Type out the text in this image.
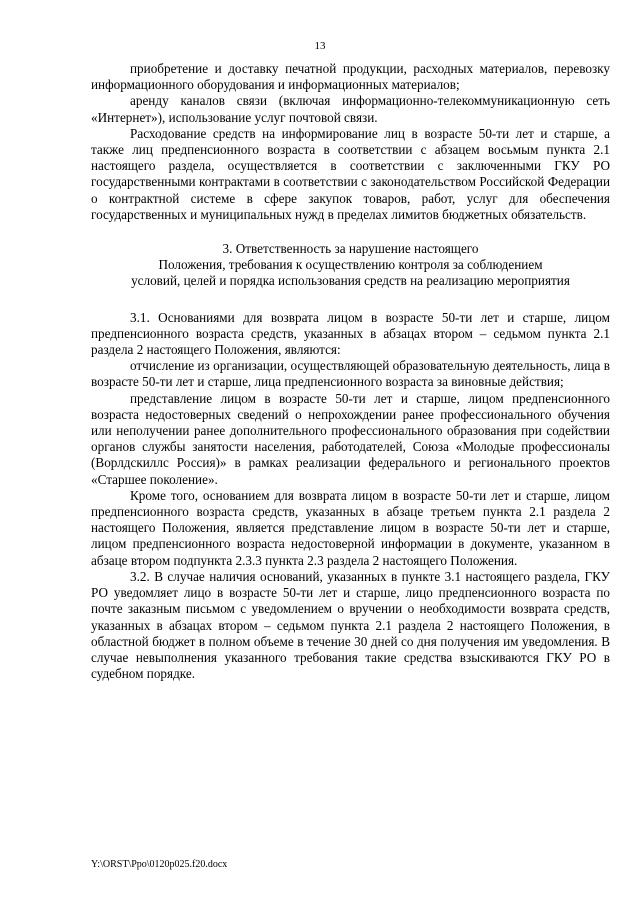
13

приобретение и доставку печатной продукции, расходных материалов, перевозку информационного оборудования и информационных материалов;

аренду каналов связи (включая информационно-телекоммуникационную сеть «Интернет»), использование услуг почтовой связи.

Расходование средств на информирование лиц в возрасте 50-ти лет и старше, а также лиц предпенсионного возраста в соответствии с абзацем восьмым пункта 2.1 настоящего раздела, осуществляется в соответствии с заключенными ГКУ РО государственными контрактами в соответствии с законодательством Российской Федерации о контрактной системе в сфере закупок товаров, работ, услуг для обеспечения государственных и муниципальных нужд в пределах лимитов бюджетных обязательств.

3. Ответственность за нарушение настоящего
Положения, требования к осуществлению контроля за соблюдением
условий, целей и порядка использования средств на реализацию мероприятия

3.1. Основаниями для возврата лицом в возрасте 50-ти лет и старше, лицом предпенсионного возраста средств, указанных в абзацах втором – седьмом пункта 2.1 раздела 2 настоящего Положения, являются:

отчисление из организации, осуществляющей образовательную деятельность, лица в возрасте 50-ти лет и старше, лица предпенсионного возраста за виновные действия;

представление лицом в возрасте 50-ти лет и старше, лицом предпенсионного возраста недостоверных сведений о непрохождении ранее профессионального обучения или неполучении ранее дополнительного профессионального образования при содействии органов службы занятости населения, работодателей, Союза «Молодые профессионалы (Ворлдскиллс Россия)» в рамках реализации федерального и регионального проектов «Старшее поколение».

Кроме того, основанием для возврата лицом в возрасте 50-ти лет и старше, лицом предпенсионного возраста средств, указанных в абзаце третьем пункта 2.1 раздела 2 настоящего Положения, является представление лицом в возрасте 50-ти лет и старше, лицом предпенсионного возраста недостоверной информации в документе, указанном в абзаце втором подпункта 2.3.3 пункта 2.3 раздела 2 настоящего Положения.

3.2. В случае наличия оснований, указанных в пункте 3.1 настоящего раздела, ГКУ РО уведомляет лицо в возрасте 50-ти лет и старше, лицо предпенсионного возраста по почте заказным письмом с уведомлением о вручении о необходимости возврата средств, указанных в абзацах втором – седьмом пункта 2.1 раздела 2 настоящего Положения, в областной бюджет в полном объеме в течение 30 дней со дня получения им уведомления. В случае невыполнения указанного требования такие средства взыскиваются ГКУ РО в судебном порядке.

Y:\ORST\Ppo\0120p025.f20.docx
